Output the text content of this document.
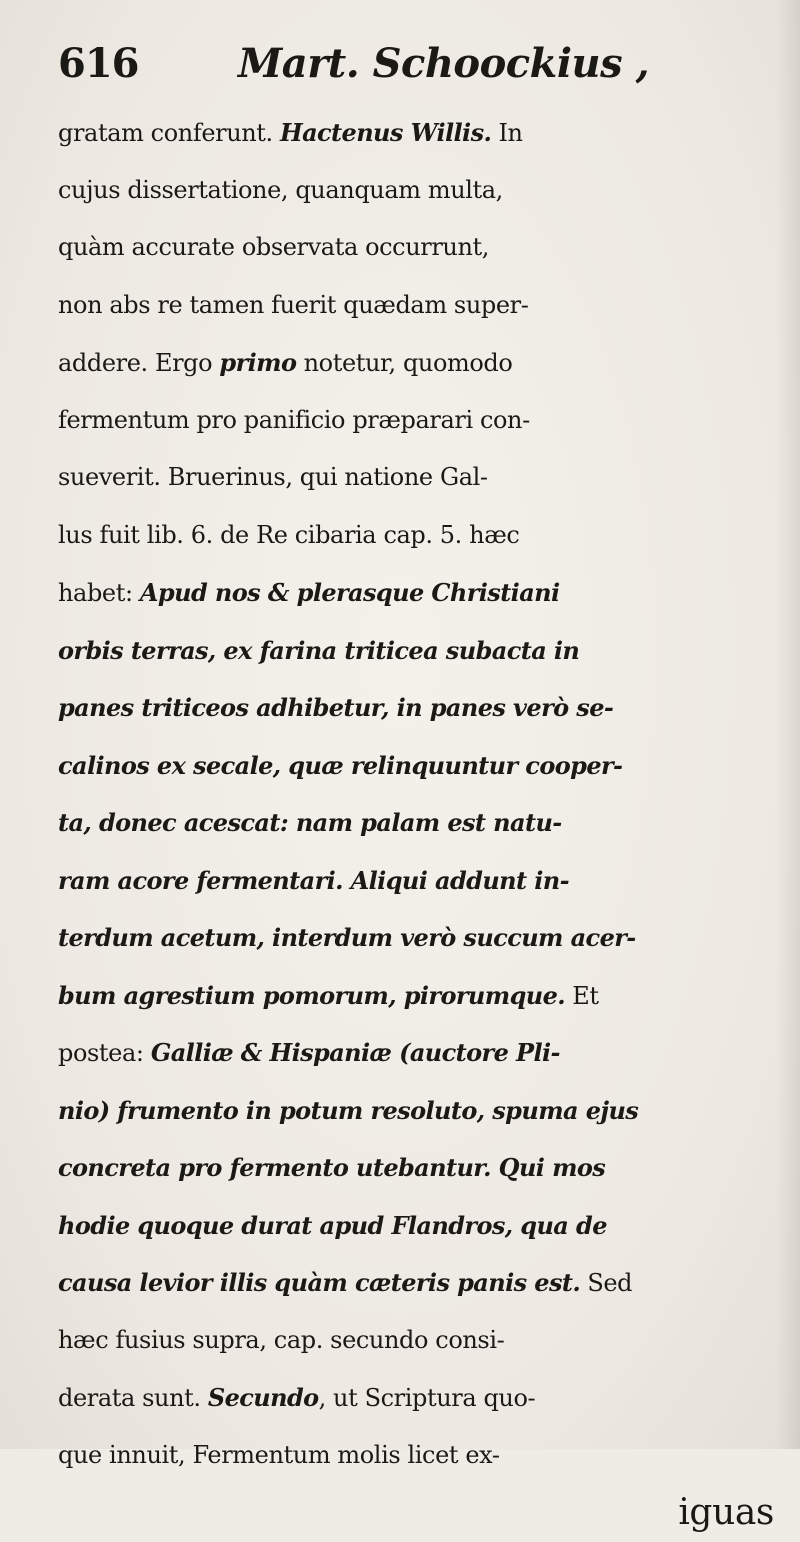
616 Mart. Schoockius ,
gratam conferunt. Hactenus Willis. In
cujus dissertatione, quanquam multa,
quàm accurate observata occurrunt,
non abs re tamen fuerit quædam super-
addere. Ergo primo notetur, quomodo
fermentum pro panificio præparari con-
sueverit. Bruerinus, qui natione Gal-
lus fuit lib. 6. de Re cibaria cap. 5. hæc
habet: Apud nos & plerasque Christiani
orbis terras, ex farina triticea subacta in
panes triticeos adhibetur, in panes verò se-
calinos ex secale, quæ relinquuntur cooper-
ta, donec acescat: nam palam est natu-
ram acore fermentari. Aliqui addunt in-
terdum acetum, interdum verò succum acer-
bum agrestium pomorum, pirorumque. Et
postea: Galliæ & Hispaniæ (auctore Pli-
nio) frumento in potum resoluto, spuma ejus
concreta pro fermento utebantur. Qui mos
hodie quoque durat apud Flandros, qua de
causa levior illis quàm cæteris panis est. Sed
hæc fusius supra, cap. secundo consi-
derata sunt. Secundo, ut Scriptura quo-
que innuit, Fermentum molis licet ex-
iguas
